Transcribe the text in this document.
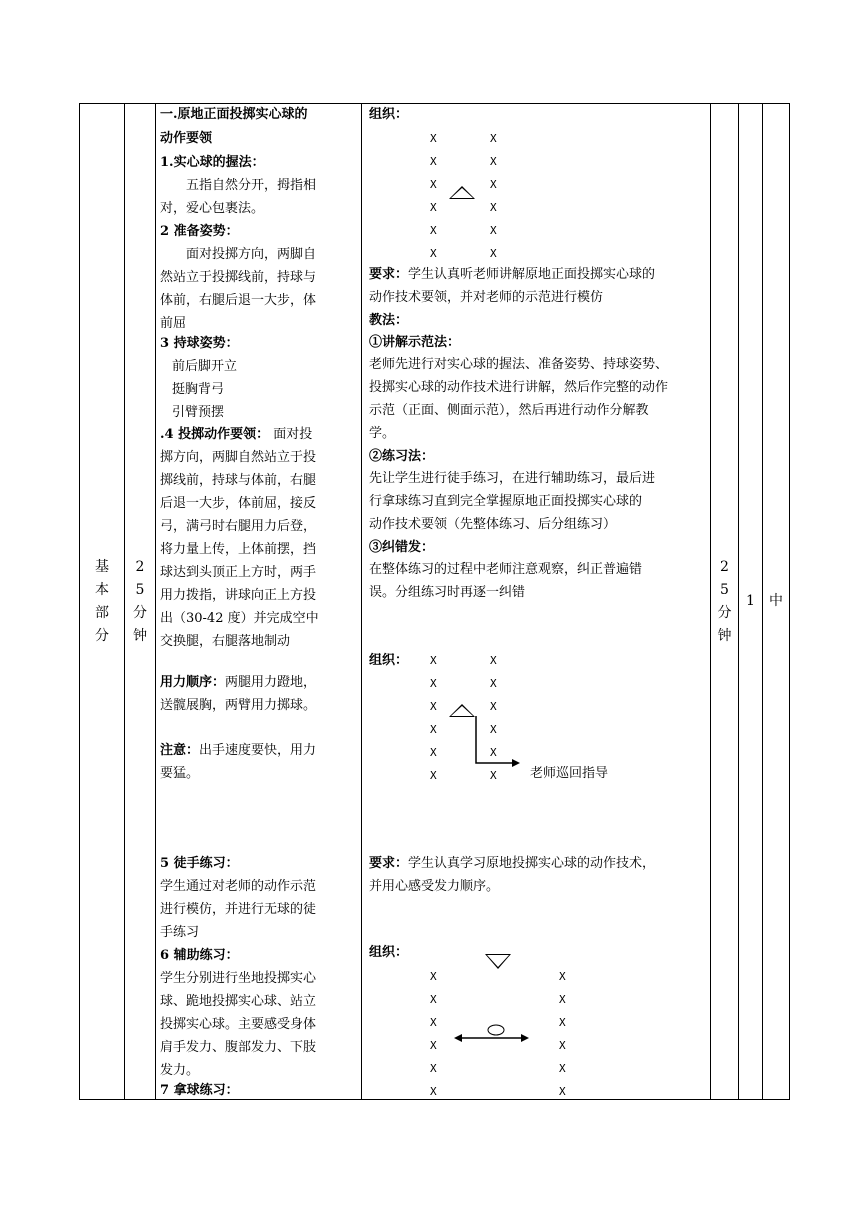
基
本
部
分

2
5
分
钟

一.原地正面投掷实心球的
动作要领
1.实心球的握法：
五指自然分开，拇指相
对，爱心包裹法。
2 准备姿势：
面对投掷方向，两脚自
然站立于投掷线前，持球与
体前，右腿后退一大步，体
前屈
3 持球姿势：
前后脚开立
挺胸背弓
引臂预摆
.4 投掷动作要领： 面对投
掷方向，两脚自然站立于投
掷线前，持球与体前，右腿
后退一大步，体前屈，接反
弓，满弓时右腿用力后登，
将力量上传，上体前摆，挡
球达到头顶正上方时，两手
用力拨指，讲球向正上方投
出（30-42 度）并完成空中
交换腿，右腿落地制动
用力顺序：两腿用力蹬地，
送髋展胸，两臂用力掷球。
注意：出手速度要快，用力
要猛。
5 徒手练习：
学生通过对老师的动作示范
进行模仿，并进行无球的徒
手练习
6 辅助练习：
学生分别进行坐地投掷实心
球、跪地投掷实心球、站立
投掷实心球。主要感受身体
肩手发力、腹部发力、下肢
发力。
7 拿球练习：

组织：
要求：学生认真听老师讲解原地正面投掷实心球的
动作技术要领，并对老师的示范进行模仿
教法：
①讲解示范法：
老师先进行对实心球的握法、准备姿势、持球姿势、
投掷实心球的动作技术进行讲解，然后作完整的动作
示范（正面、侧面示范），然后再进行动作分解教
学。
②练习法：
先让学生进行徒手练习，在进行辅助练习，最后进
行拿球练习直到完全掌握原地正面投掷实心球的
动作技术要领（先整体练习、后分组练习）
③纠错发：
在整体练习的过程中老师注意观察，纠正普遍错
误。分组练习时再逐一纠错
组织：
老师巡回指导
要求：学生认真学习原地投掷实心球的动作技术，
并用心感受发力顺序。
组织：
X	X
X	X
X	X
X	X
X	X
X	X
X	X
X	X
X	X
X	X
X	X
X	X
X	X
X	X
X	X
X	X
X	X
X	X

2
5
分
钟

1	中
